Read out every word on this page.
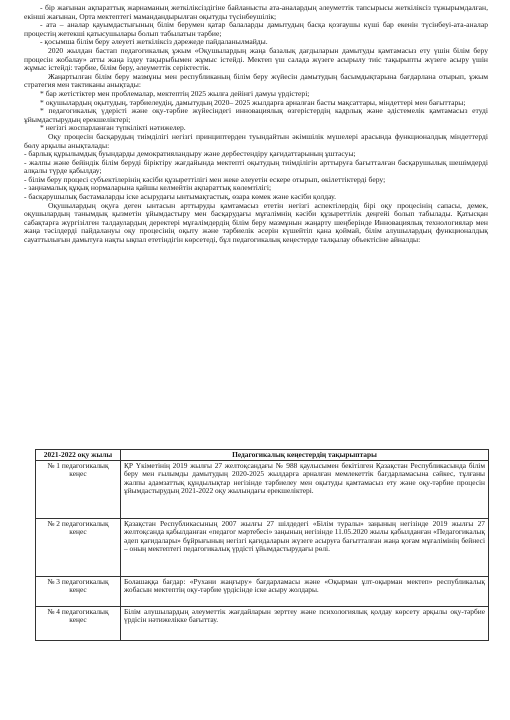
- бір жағынан ақпараттық жарнаманың жеткіліксіздігіне байланысты ата-аналардың әлеуметтік тапсырысы жеткіліксіз тұжырымдалған, екінші жағынан, Орта мектептегі мамандандырылған оқытуды түсінбеушілік;

- ата – аналар қауымдастығының білім берумен қатар балаларды дамытудың басқа қозғаушы күші бар екенін түсінбеуі-ата-аналар процестің жетекші қатысушылары болып табылатын тәрбие;

- қосымша білім беру әлеуеті жеткіліксіз дәрежеде пайдаланылмайды.

2020 жылдан бастап педагогикалық ұжым «Оқушылардың жаңа базалық дағдыларын дамытуды қамтамасыз ету үшін білім беру процесін жобалау» атты жаңа іздеу тақырыбымен жұмыс істейді. Мектеп үш салада жүзеге асырылу тиіс тақырыпты жүзеге асыру үшін жұмыс істейді: тәрбие, білім беру, әлеуметтік серіктестік.

Жаңартылған білім беру мазмұны мен республиканың білім беру жүйесін дамытудың басымдықтарына бағдарлана отырып, ұжым стратегия мен тактиканы анықтады:

* бар жетістіктер мен проблемалар, мектептің 2025 жылға дейінгі дамуы үрдістері;

* оқушылардың оқытудың, тәрбиелеудің, дамытудың 2020– 2025 жылдарға арналған басты мақсаттары, міндеттері мен бағыттары;

* педагогикалық үдерісті және оқу-тәрбие жүйесіндегі инновациялық өзгерістердің кадрлық және әдістемелік қамтамасыз етуді ұйымдастырудың ерекшеліктері;

* негізгі жоспарланған түпкілікті нәтижелер.

Оқу процесін басқарудың тиімділігі негізгі принциптерден туындайтын әкімшілік мүшелері арасында функционалдық міндеттерді бөлу арқылы анықталады:

- барлық құрылымдық буындарды демократияландыру және дербестендіру қағидаттарының ұштасуы;

- жалпы және бейіндік білім беруді біріктіру жағдайында мектепті оқытудың тиімділігін арттыруға бағытталған басқарушылық шешімдерді алқалы түрде қабылдау;

- білім беру процесі субъектілерінің кәсіби құзыреттілігі мен жеке әлеуетін ескере отырып, өкілеттіктерді беру;

- заңнамалық құқық нормаларына қайшы келмейтін ақпараттық көлемтілігі;

- басқарушылық бастамаларды іске асырудағы ынтымақтастық, өзара көмек және кәсіби қолдау.

Оқушылардың оқуға деген ынтасын арттыруды қамтамасыз ететін негізгі аспектілердің бірі оқу процесінің сапасы, демек, оқушылардың танымдық қызметін ұйымдастыру мен басқарудағы мұғалімнің кәсіби құзыреттілік деңгейі болып табылады. Қатысқан сабақтарға жүргізілген талдаулардың деректері мұғалімдердің білім беру мазмұнын жаңарту шеңберінде Инновациялық технологиялар мен жаңа тәсілдерді пайдалануы оқу процесінің оқыту және тәрбиелік әсерін күшейтіп қана қоймай, білім алушылардың функционалдық сауаттылығын дамытуға нақты ықпал ететіндігін көрсетеді, бұл педагогикалық кеңестерде талқылау объектісіне айналды:

2021-2022 оқу жылы	Педагогикалық кеңестердің тақырыптары
№ 1 педагогикалық кеңес	ҚР Үкіметінің 2019 жылғы 27 желтоқсандағы № 988 қаулысымен бекітілген Қазақстан Республикасында білім беру мен ғылымды дамытудың 2020-2025 жылдарға арналған мемлекеттік бағдарламасына сәйкес, тұлғаны жалпы адамзаттық құндылықтар негізінде тәрбиелеу мен оқытуды қамтамасыз ету және оқу-тәрбие процесін ұйымдастырудың 2021-2022 оқу жылындағы ерекшеліктері.
№ 2 педагогикалық кеңес	Қазақстан Республикасының 2007 жылғы 27 шілдедегі «Білім туралы» заңының негізінде 2019 жылғы 27 желтоқсанда қабылданған «педагог мәртебесі» заңының негізінде 11.05.2020 жылы қабылданған «Педагогикалық әдеп қағидалары» бұйрығының негізгі қағидаларын жүзеге асыруға бағытталған жаңа қоғам мұғалімінің бейнесі – оның мектептегі педагогикалық үрдісті ұйымдастырудағы рөлі.
№ 3 педагогикалық кеңес	Болашаққа бағдар: «Рухани жаңғыру» бағдарламасы және «Оқырман ұлт-оқырман мектеп» республикалық жобасын мектептің оқу-тәрбие үрдісінде іске асыру жолдары.
№ 4 педагогикалық кеңес	Білім алушылардың әлеуметтік жағдайларын зерттеу және психологиялық қолдау көрсету арқылы оқу-тәрбие үрдісін нәтижелікке бағыттау.
